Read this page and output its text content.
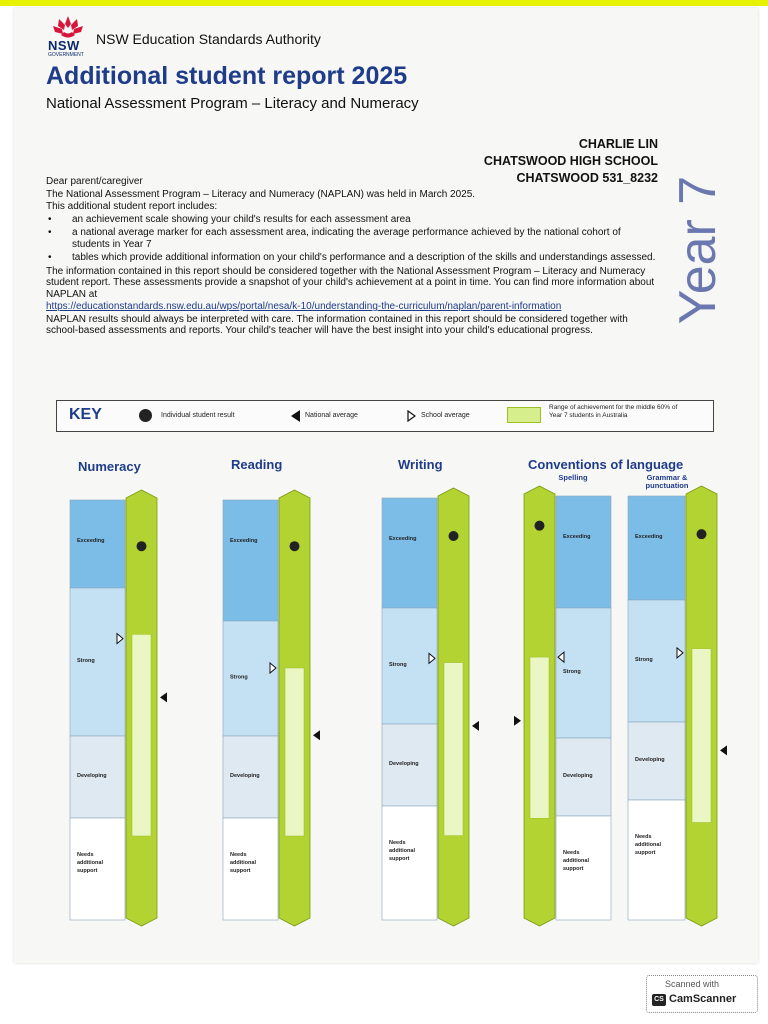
NSW
GOVERNMENT
NSW Education Standards Authority
Additional student report 2025
National Assessment Program – Literacy and Numeracy
CHARLIE LIN
CHATSWOOD HIGH SCHOOL
CHATSWOOD 531_8232 Year 7

Dear parent/caregiver

The National Assessment Program – Literacy and Numeracy (NAPLAN) was held in March 2025.

This additional student report includes:

• an achievement scale showing your child's results for each assessment area
• a national average marker for each assessment area, indicating the average performance achieved by the national cohort of students in Year 7
• tables which provide additional information on your child's performance and a description of the skills and understandings assessed.

The information contained in this report should be considered together with the National Assessment Program – Literacy and Numeracy student report. These assessments provide a snapshot of your child's achievement at a point in time. You can find more information about NAPLAN at

https://educationstandards.nsw.edu.au/wps/portal/nesa/k-10/understanding-the-curriculum/naplan/parent-information

NAPLAN results should always be interpreted with care. The information contained in this report should be considered together with school-based assessments and reports. Your child's teacher will have the best insight into your child's educational progress.

KEY	Individual student result	National average	School average
Range of achievement for the middle 60% of Year 7 students in Australia
Numeracy	Reading	Writing	Conventions of language
Spelling	Grammar & punctuation
Exceeding
Strong
Developing
Needs
additional
support
Exceeding
Strong
Developing
Needs
additional
support
Exceeding
Strong
Developing
Needs
additional
support
Exceeding
Strong
Developing
Needs
additional
support
Exceeding
Strong
Developing
Needs
additional
support
Scanned with
CS CamScanner
